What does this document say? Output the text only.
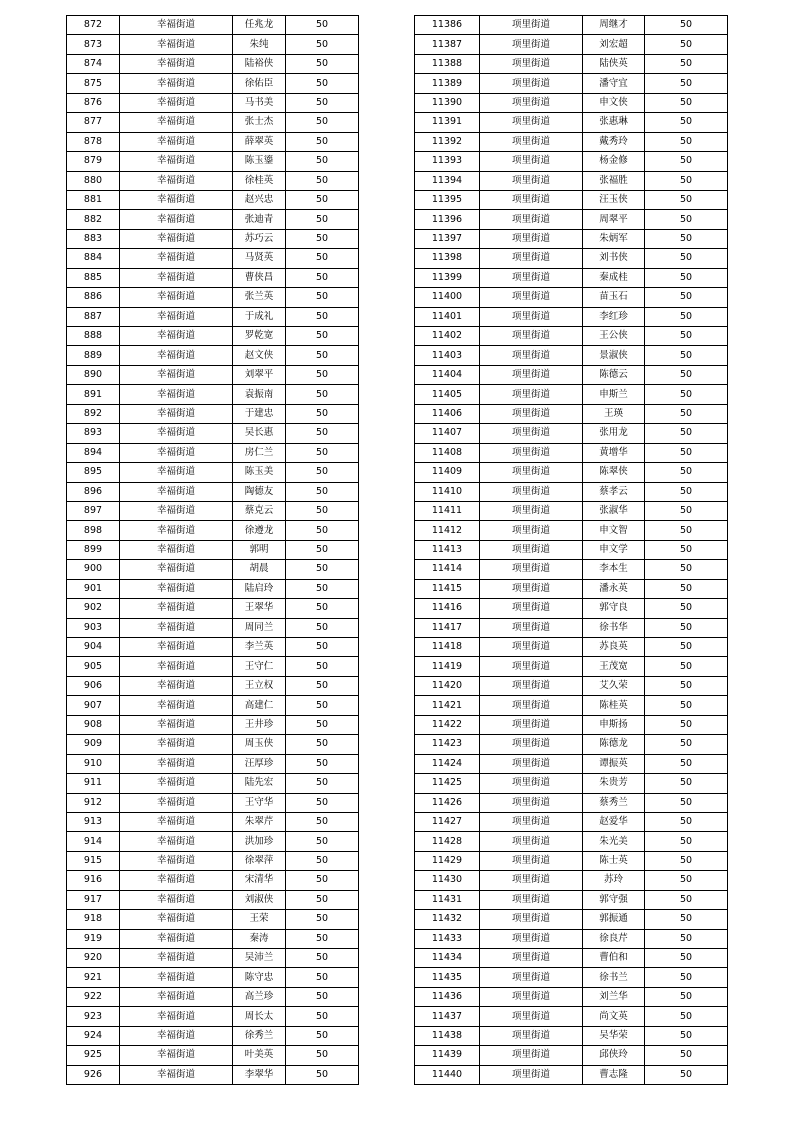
872	幸福街道	任兆龙	50
873	幸福街道	朱纯	50
874	幸福街道	陆裕侠	50
875	幸福街道	徐佑臣	50
876	幸福街道	马书美	50
877	幸福街道	张士杰	50
878	幸福街道	薛翠英	50
879	幸福街道	陈玉鎏	50
880	幸福街道	徐桂英	50
881	幸福街道	赵兴忠	50
882	幸福街道	张迪青	50
883	幸福街道	苏巧云	50
884	幸福街道	马贤英	50
885	幸福街道	曹侠昌	50
886	幸福街道	张兰英	50
887	幸福街道	于成礼	50
888	幸福街道	罗乾宽	50
889	幸福街道	赵文侠	50
890	幸福街道	刘翠平	50
891	幸福街道	袁振南	50
892	幸福街道	于建忠	50
893	幸福街道	吴长惠	50
894	幸福街道	房仁兰	50
895	幸福街道	陈玉美	50
896	幸福街道	陶德友	50
897	幸福街道	蔡克云	50
898	幸福街道	徐遵龙	50
899	幸福街道	郭明	50
900	幸福街道	胡晨	50
901	幸福街道	陆启玲	50
902	幸福街道	王翠华	50
903	幸福街道	周同兰	50
904	幸福街道	李兰英	50
905	幸福街道	王守仁	50
906	幸福街道	王立权	50
907	幸福街道	高建仁	50
908	幸福街道	王井珍	50
909	幸福街道	周玉侠	50
910	幸福街道	汪厚珍	50
911	幸福街道	陆先宏	50
912	幸福街道	王守华	50
913	幸福街道	朱翠芹	50
914	幸福街道	洪加珍	50
915	幸福街道	徐翠萍	50
916	幸福街道	宋清华	50
917	幸福街道	刘淑侠	50
918	幸福街道	王荣	50
919	幸福街道	秦涛	50
920	幸福街道	吴沛兰	50
921	幸福街道	陈守忠	50
922	幸福街道	高兰珍	50
923	幸福街道	周长太	50
924	幸福街道	徐秀兰	50
925	幸福街道	叶美英	50
926	幸福街道	李翠华	50
11386	项里街道	周继才	50
11387	项里街道	刘宏超	50
11388	项里街道	陆侠英	50
11389	项里街道	潘守宜	50
11390	项里街道	申文侠	50
11391	项里街道	张惠琳	50
11392	项里街道	戴秀玲	50
11393	项里街道	杨金修	50
11394	项里街道	张福胜	50
11395	项里街道	汪玉侠	50
11396	项里街道	周翠平	50
11397	项里街道	朱炳军	50
11398	项里街道	刘书侠	50
11399	项里街道	秦成桂	50
11400	项里街道	苗玉石	50
11401	项里街道	李红珍	50
11402	项里街道	王公侠	50
11403	项里街道	景淑侠	50
11404	项里街道	陈德云	50
11405	项里街道	申斯兰	50
11406	项里街道	王瑛	50
11407	项里街道	张用龙	50
11408	项里街道	黄增华	50
11409	项里街道	陈翠侠	50
11410	项里街道	蔡孝云	50
11411	项里街道	张淑华	50
11412	项里街道	申文智	50
11413	项里街道	申文学	50
11414	项里街道	李本生	50
11415	项里街道	潘永英	50
11416	项里街道	郭守良	50
11417	项里街道	徐书华	50
11418	项里街道	苏良英	50
11419	项里街道	王茂宽	50
11420	项里街道	艾久荣	50
11421	项里街道	陈桂英	50
11422	项里街道	申斯扬	50
11423	项里街道	陈德龙	50
11424	项里街道	谭振英	50
11425	项里街道	朱贵芳	50
11426	项里街道	蔡秀兰	50
11427	项里街道	赵爱华	50
11428	项里街道	朱光美	50
11429	项里街道	陈士英	50
11430	项里街道	苏玲	50
11431	项里街道	郭守强	50
11432	项里街道	郭振通	50
11433	项里街道	徐良芹	50
11434	项里街道	曹伯和	50
11435	项里街道	徐书兰	50
11436	项里街道	刘兰华	50
11437	项里街道	尚文英	50
11438	项里街道	吴华荣	50
11439	项里街道	邱侠玲	50
11440	项里街道	曹志隆	50
